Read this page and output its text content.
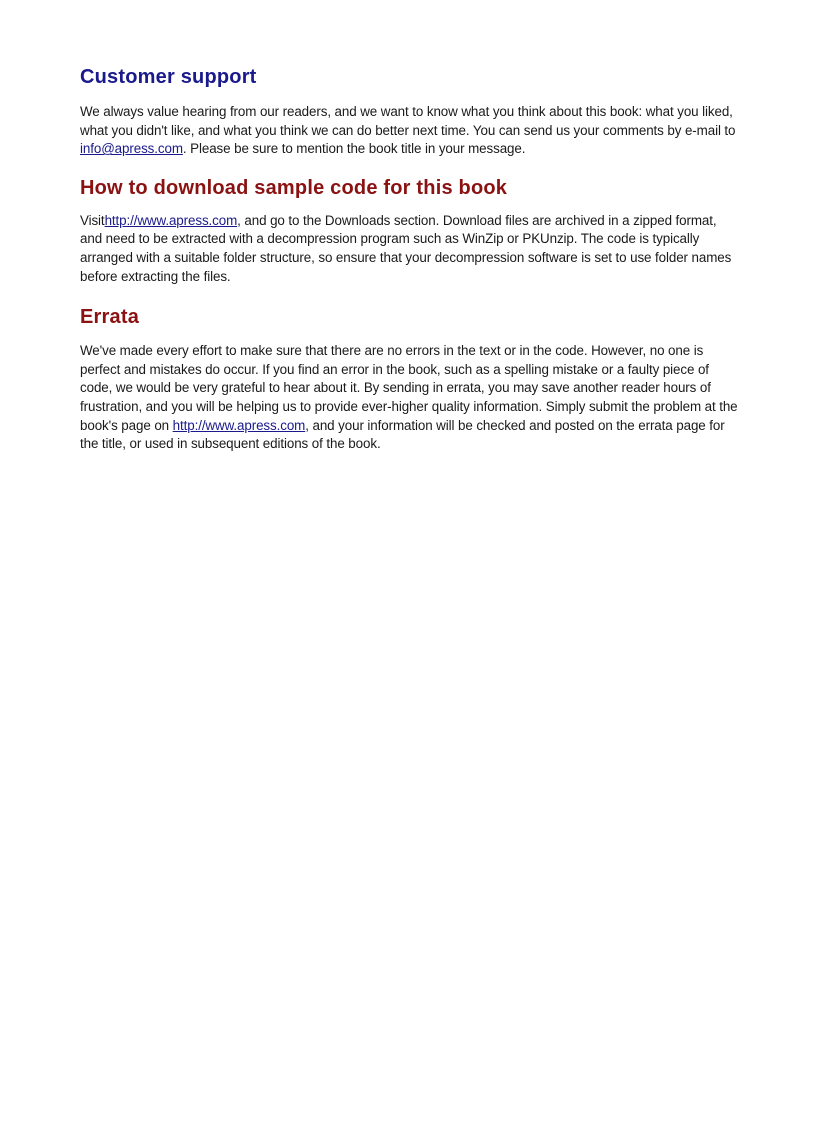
Customer support

We always value hearing from our readers, and we want to know what you think about this book: what you liked, what you didn't like, and what you think we can do better next time. You can send us your comments by e-mail to info@apress.com. Please be sure to mention the book title in your message.

How to download sample code for this book

Visithttp://www.apress.com, and go to the Downloads section. Download files are archived in a zipped format, and need to be extracted with a decompression program such as WinZip or PKUnzip. The code is typically arranged with a suitable folder structure, so ensure that your decompression software is set to use folder names before extracting the files.

Errata

We've made every effort to make sure that there are no errors in the text or in the code. However, no one is perfect and mistakes do occur. If you find an error in the book, such as a spelling mistake or a faulty piece of code, we would be very grateful to hear about it. By sending in errata, you may save another reader hours of frustration, and you will be helping us to provide ever-higher quality information. Simply submit the problem at the book's page on http://www.apress.com, and your information will be checked and posted on the errata page for the title, or used in subsequent editions of the book.
